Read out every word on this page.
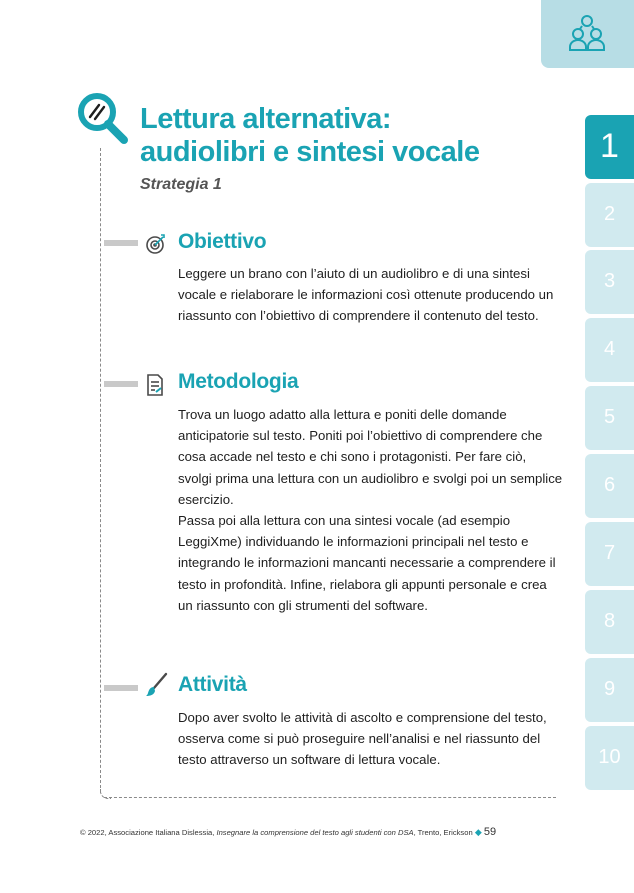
1
2
3
4
5
6
7
8
9
10
Lettura alternativa:
audiolibri e sintesi vocale
Strategia 1
Obiettivo

Leggere un brano con l’aiuto di un audiolibro e di una sintesi vocale e rielaborare le informazioni così ottenute producendo un riassunto con l’obiettivo di comprendere il contenuto del testo.

Metodologia

Trova un luogo adatto alla lettura e poniti delle domande anticipatorie sul testo. Poniti poi l’obiettivo di comprendere che cosa accade nel testo e chi sono i protagonisti. Per fare ciò, svolgi prima una lettura con un audiolibro e svolgi poi un semplice esercizio.

Passa poi alla lettura con una sintesi vocale (ad esempio LeggiXme) individuando le informazioni principali nel testo e integrando le informazioni mancanti necessarie a comprendere il testo in profondità. Infine, rielabora gli appunti personale e crea un riassunto con gli strumenti del software.

Attività

Dopo aver svolto le attività di ascolto e comprensione del testo, osserva come si può proseguire nell’analisi e nel riassunto del testo attraverso un software di lettura vocale.

© 2022, Associazione Italiana Dislessia, Insegnare la comprensione del testo agli studenti con DSA, Trento, Erickson ◆ 59
